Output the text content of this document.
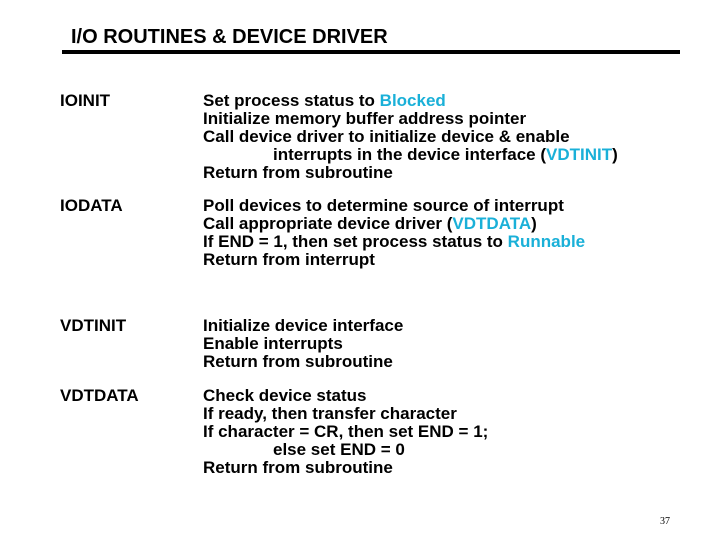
I/O ROUTINES & DEVICE DRIVER
IOINIT	Set process status to Blocked
Initialize memory buffer address pointer
Call device driver to initialize device & enable
interrupts in the device interface (VDTINIT)
Return from subroutine
IODATA	Poll devices to determine source of interrupt
Call appropriate device driver (VDTDATA)
If END = 1, then set process status to Runnable
Return from interrupt
VDTINIT	Initialize device interface
Enable interrupts
Return from subroutine
VDTDATA	Check device status
If ready, then transfer character
If character = CR, then set END = 1;
else set END = 0
Return from subroutine
37
